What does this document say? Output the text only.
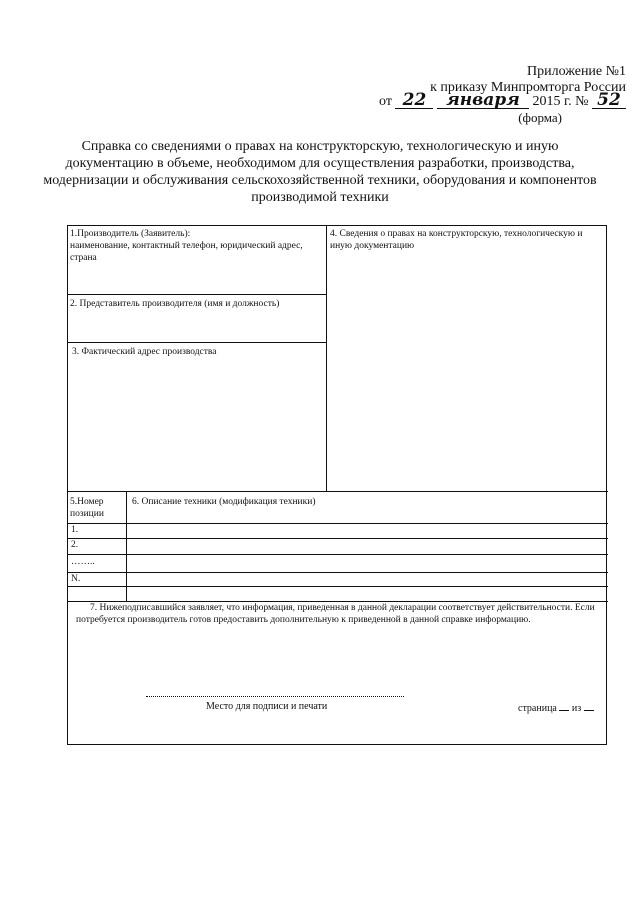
Приложение №1
к приказу Минпромторга России
от 22 января 2015 г. № 52
(форма)
Справка со сведениями о правах на конструкторскую, технологическую и иную документацию в объеме, необходимом для осуществления разработки, производства, модернизации и обслуживания сельскохозяйственной техники, оборудования и компонентов производимой техники
1.Производитель (Заявитель):
наименование, контактный телефон, юридический адрес, страна
4. Сведения о правах на конструкторскую, технологическую и иную документацию
2. Представитель производителя (имя и должность)
3. Фактический адрес производства
5.Номер позиции
6. Описание техники (модификация техники)
1.
2.
……..
N.
7. Нижеподписавшийся заявляет, что информация, приведенная в данной декларации соответствует действительности. Если потребуется производитель готов предоставить дополнительную к приведенной в данной справке информацию.
Место для подписи и печати	страница из
